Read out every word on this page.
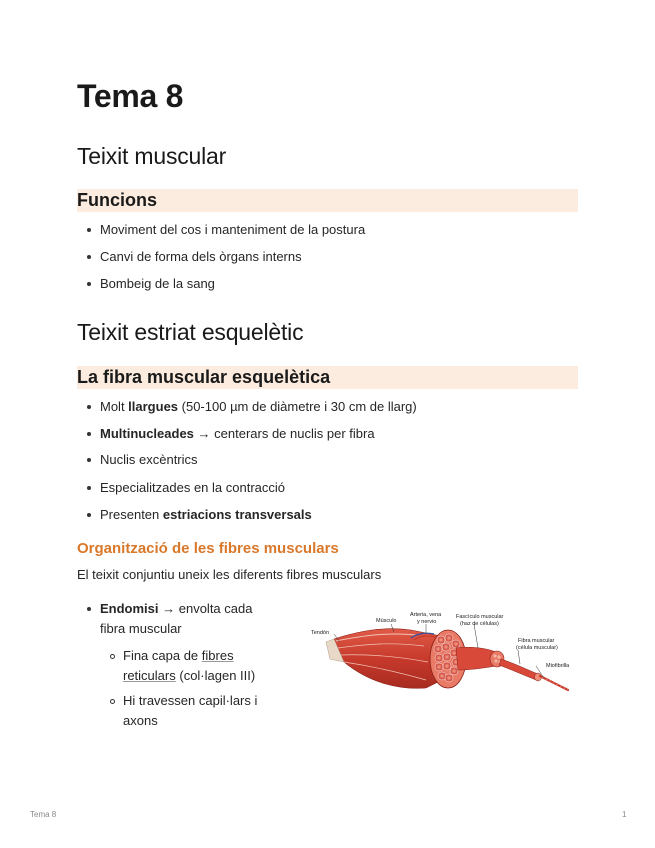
Tema 8
Teixit muscular
Funcions
Moviment del cos i manteniment de la postura
Canvi de forma dels òrgans interns
Bombeig de la sang
Teixit estriat esquelètic
La fibra muscular esquelètica
Molt llargues (50-100 µm de diàmetre i 30 cm de llarg)
Multinucleades → centerars de nuclis per fibra
Nuclis excèntrics
Especialitzades en la contracció
Presenten estriacions transversals
Organització de les fibres musculars
El teixit conjuntiu uneix les diferents fibres musculars
Endomisi → envolta cada
fibra muscular
Fina capa de fibres
reticulars (col·lagen III)
Hi travessen capil·lars i
axons
Tendón
Músculo
Arteria, vena
y nervio
Fascículo muscular
(haz de células)
Fibra muscular
(célula muscular)
Miofibrilla
Tema 8	1
